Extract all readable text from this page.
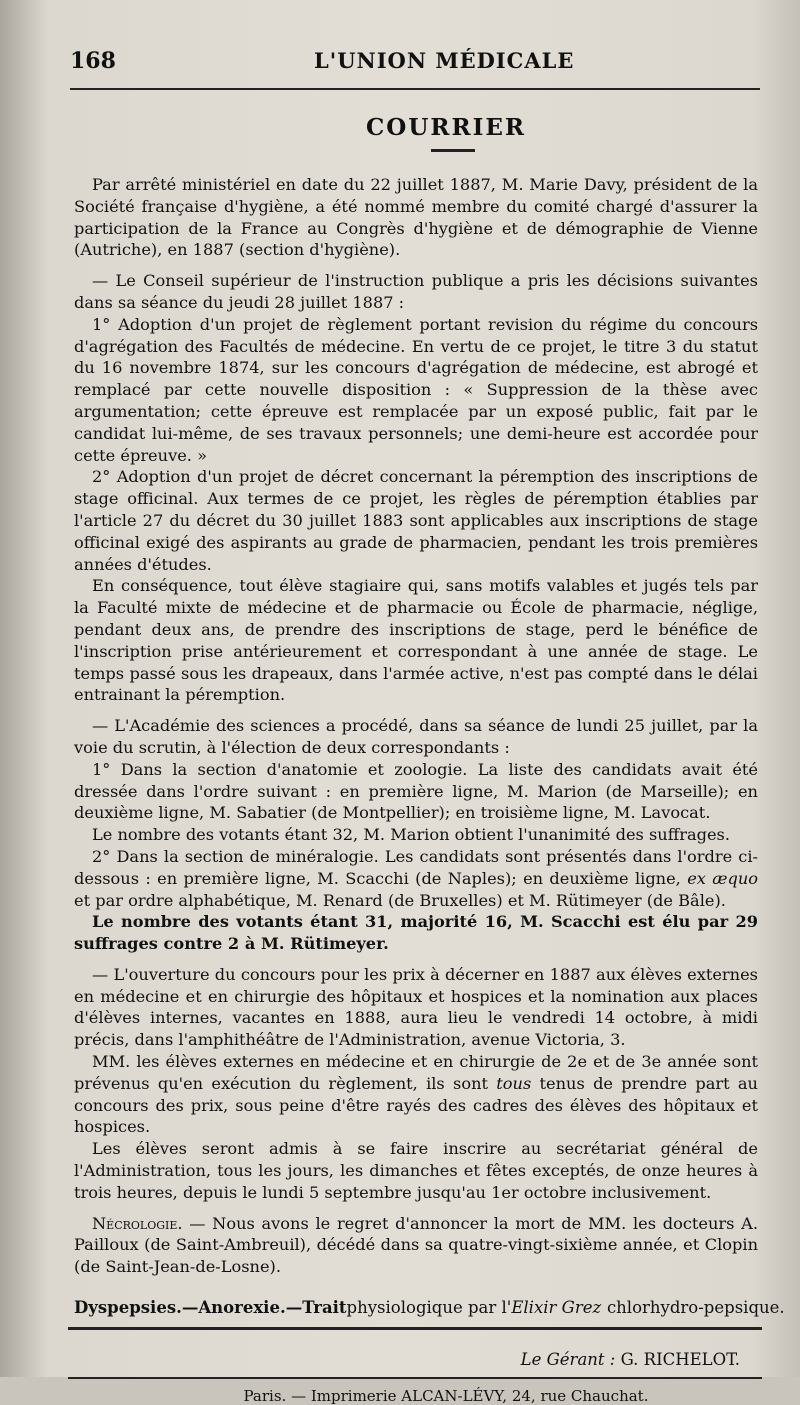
168	L'UNION MÉDICALE
COURRIER

Par arrêté ministériel en date du 22 juillet 1887, M. Marie Davy, président de la Société française d'hygiène, a été nommé membre du comité chargé d'assurer la participation de la France au Congrès d'hygiène et de démographie de Vienne (Autriche), en 1887 (section d'hygiène).

— Le Conseil supérieur de l'instruction publique a pris les décisions suivantes dans sa séance du jeudi 28 juillet 1887 :

1° Adoption d'un projet de règlement portant revision du régime du concours d'agrégation des Facultés de médecine. En vertu de ce projet, le titre 3 du statut du 16 novembre 1874, sur les concours d'agrégation de médecine, est abrogé et remplacé par cette nouvelle disposition : « Suppression de la thèse avec argumentation; cette épreuve est remplacée par un exposé public, fait par le candidat lui-même, de ses travaux personnels; une demi-heure est accordée pour cette épreuve. »

2° Adoption d'un projet de décret concernant la péremption des inscriptions de stage officinal. Aux termes de ce projet, les règles de péremption établies par l'article 27 du décret du 30 juillet 1883 sont applicables aux inscriptions de stage officinal exigé des aspirants au grade de pharmacien, pendant les trois premières années d'études.

En conséquence, tout élève stagiaire qui, sans motifs valables et jugés tels par la Faculté mixte de médecine et de pharmacie ou École de pharmacie, néglige, pendant deux ans, de prendre des inscriptions de stage, perd le bénéfice de l'inscription prise antérieurement et correspondant à une année de stage. Le temps passé sous les drapeaux, dans l'armée active, n'est pas compté dans le délai entrainant la péremption.

— L'Académie des sciences a procédé, dans sa séance de lundi 25 juillet, par la voie du scrutin, à l'élection de deux correspondants :

1° Dans la section d'anatomie et zoologie. La liste des candidats avait été dressée dans l'ordre suivant : en première ligne, M. Marion (de Marseille); en deuxième ligne, M. Sabatier (de Montpellier); en troisième ligne, M. Lavocat.

Le nombre des votants étant 32, M. Marion obtient l'unanimité des suffrages.

2° Dans la section de minéralogie. Les candidats sont présentés dans l'ordre ci-dessous : en première ligne, M. Scacchi (de Naples); en deuxième ligne, ex æquo et par ordre alphabétique, M. Renard (de Bruxelles) et M. Rütimeyer (de Bâle).

Le nombre des votants étant 31, majorité 16, M. Scacchi est élu par 29 suffrages contre 2 à M. Rütimeyer.

— L'ouverture du concours pour les prix à décerner en 1887 aux élèves externes en médecine et en chirurgie des hôpitaux et hospices et la nomination aux places d'élèves internes, vacantes en 1888, aura lieu le vendredi 14 octobre, à midi précis, dans l'amphithéâtre de l'Administration, avenue Victoria, 3.

MM. les élèves externes en médecine et en chirurgie de 2e et de 3e année sont prévenus qu'en exécution du règlement, ils sont tous tenus de prendre part au concours des prix, sous peine d'être rayés des cadres des élèves des hôpitaux et hospices.

Les élèves seront admis à se faire inscrire au secrétariat général de l'Administration, tous les jours, les dimanches et fêtes exceptés, de onze heures à trois heures, depuis le lundi 5 septembre jusqu'au 1er octobre inclusivement.

Nécrologie. — Nous avons le regret d'annoncer la mort de MM. les docteurs A. Pailloux (de Saint-Ambreuil), décédé dans sa quatre-vingt-sixième année, et Clopin (de Saint-Jean-de-Losne).

Dyspepsies.—Anorexie.—Traitphysiologique par l'Elixir Grez chlorhydro-pepsique.
Le Gérant : G. RICHELOT.
Paris. — Imprimerie ALCAN-LÉVY, 24, rue Chauchat.
